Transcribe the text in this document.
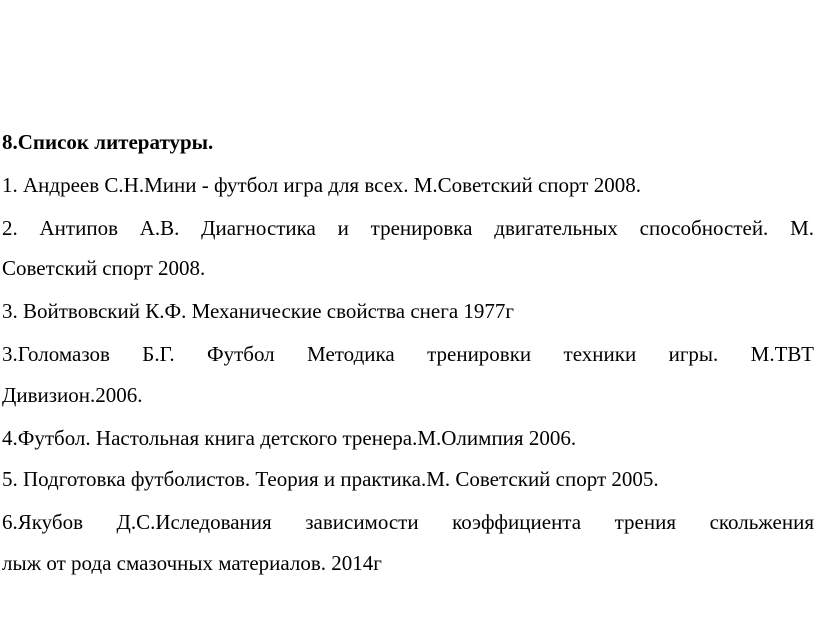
8.Список литературы.
1. Андреев С.Н.Мини - футбол игра для всех. М.Советский спорт 2008.
2. Антипов А.В. Диагностика и тренировка двигательных способностей. М.
Советский спорт 2008.
3. Войтвовский К.Ф. Механические свойства снега 1977г
3.Голомазов Б.Г. Футбол Методика тренировки техники игры. М.ТВТ
Дивизион.2006.
4.Футбол. Настольная книга детского тренера.М.Олимпия 2006.
5. Подготовка футболистов. Теория и практика.М. Советский спорт 2005.
6.Якубов Д.С.Иследования зависимости коэффициента трения скольжения
лыж от рода смазочных материалов. 2014г
